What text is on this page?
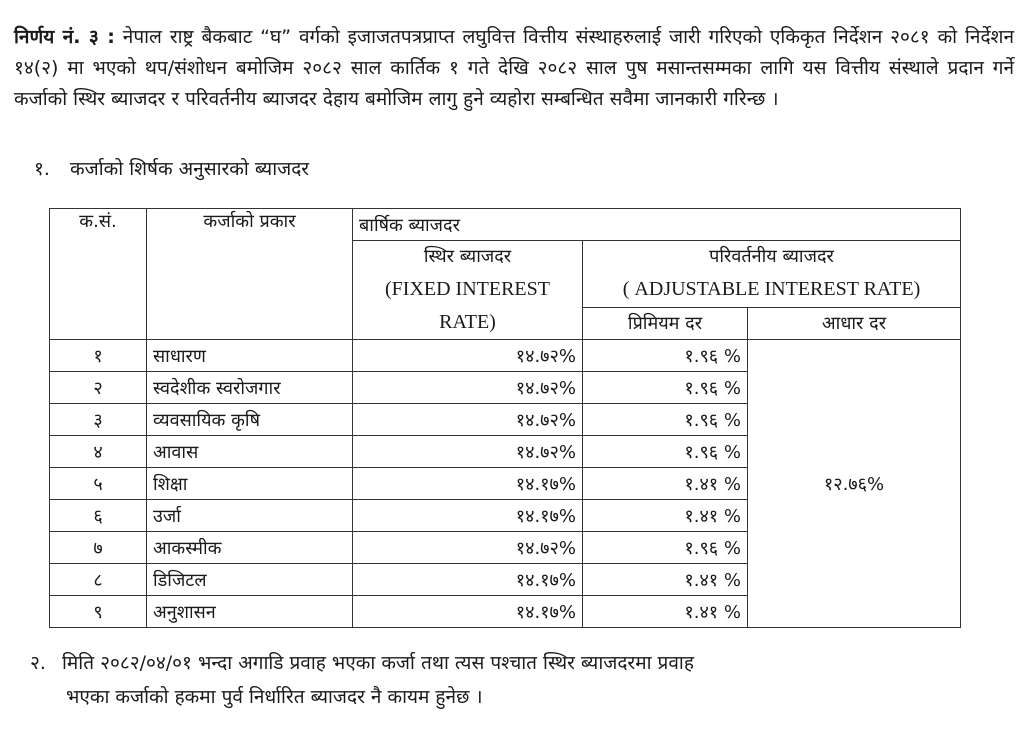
निर्णय नं. ३ : नेपाल राष्ट्र बैकबाट “घ” वर्गको इजाजतपत्रप्राप्त लघुवित्त वित्तीय संस्थाहरुलाई जारी गरिएको एकिकृत निर्देशन २०८१ को निर्देशन १४(२) मा भएको थप/संशोधन बमोजिम २०८२ साल कार्तिक १ गते देखि २०८२ साल पुष मसान्तसम्मका लागि यस वित्तीय संस्थाले प्रदान गर्ने कर्जाको स्थिर ब्याजदर र परिवर्तनीय ब्याजदर देहाय बमोजिम लागु हुने व्यहोरा सम्बन्धित सवैमा जानकारी गरिन्छ ।
१. कर्जाको शिर्षक अनुसारको ब्याजदर
क.सं.	कर्जाको प्रकार	बार्षिक ब्याजदर		
		स्थिर ब्याजदर
(FIXED INTEREST RATE)	परिवर्तनीय ब्याजदर
( ADJUSTABLE INTEREST RATE)	
			प्रिमियम दर	आधार दर
१	साधारण	१४.७२%	१.९६ %	१२.७६%
२	स्वदेशीक स्वरोजगार	१४.७२%	१.९६ %	
३	व्यवसायिक कृषि	१४.७२%	१.९६ %	
४	आवास	१४.७२%	१.९६ %	
५	शिक्षा	१४.१७%	१.४१ %	
६	उर्जा	१४.१७%	१.४१ %	
७	आकस्मीक	१४.७२%	१.९६ %	
८	डिजिटल	१४.१७%	१.४१ %	
९	अनुशासन	१४.१७%	१.४१ %	
२. मिति २०८२/०४/०१ भन्दा अगाडि प्रवाह भएका कर्जा तथा त्यस पश्चात स्थिर ब्याजदरमा प्रवाह
भएका कर्जाको हकमा पुर्व निर्धारित ब्याजदर नै कायम हुनेछ ।
